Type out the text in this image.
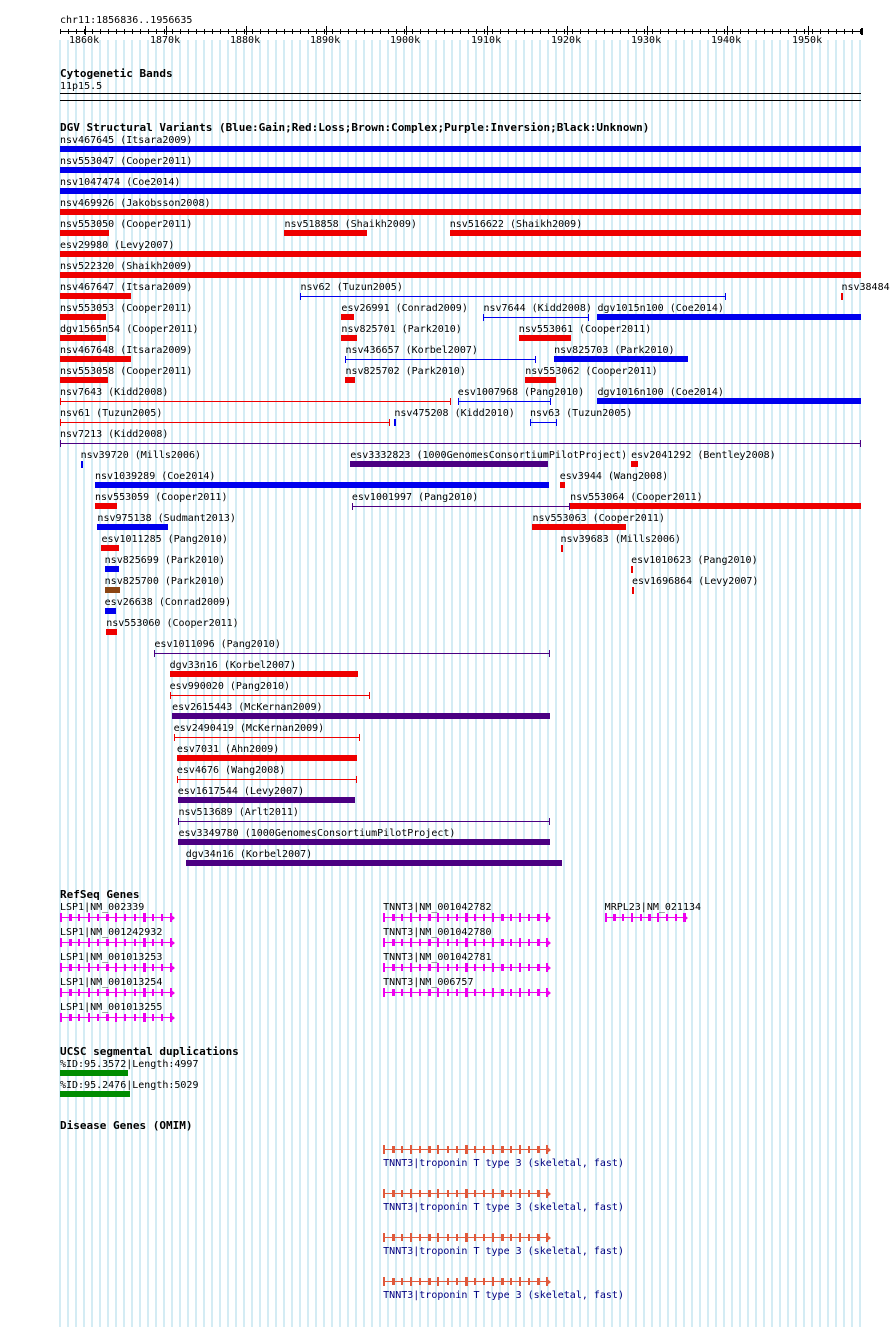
chr11:1856836..1956635
1860k	1870k	1880k	1890k	1900k	1910k	1920k	1930k	1940k	1950k
Cytogenetic Bands
11p15.5
DGV Structural Variants (Blue:Gain;Red:Loss;Brown:Complex;Purple:Inversion;Black:Unknown)
nsv467645 (Itsara2009)
nsv553047 (Cooper2011)
nsv1047474 (Coe2014)
nsv469926 (Jakobsson2008)
nsv553050 (Cooper2011)	nsv518858 (Shaikh2009)	nsv516622 (Shaikh2009)
esv29980 (Levy2007)
nsv522320 (Shaikh2009)
nsv467647 (Itsara2009)	nsv62 (Tuzun2005)	nsv38484
nsv553053 (Cooper2011)	esv26991 (Conrad2009) nsv7644 (Kidd2008) dgv1015n100 (Coe2014)
dgv1565n54 (Cooper2011)	nsv825701 (Park2010)	nsv553061 (Cooper2011)
nsv467648 (Itsara2009)	nsv436657 (Korbel2007)	nsv825703 (Park2010)
nsv553058 (Cooper2011)	nsv825702 (Park2010)	nsv553062 (Cooper2011)
nsv7643 (Kidd2008)	esv1007968 (Pang2010) dgv1016n100 (Coe2014)
nsv61 (Tuzun2005)	nsv475208 (Kidd2010) nsv63 (Tuzun2005)
nsv7213 (Kidd2008)
nsv39720 (Mills2006)	esv3332823 (1000GenomesConsortiumPilotProject) esv2041292 (Bentley2008)
nsv1039289 (Coe2014)	esv3944 (Wang2008)
nsv553059 (Cooper2011)	esv1001997 (Pang2010)	nsv553064 (Cooper2011)
nsv975138 (Sudmant2013)	nsv553063 (Cooper2011)
esv1011285 (Pang2010)	nsv39683 (Mills2006)
nsv825699 (Park2010)	esv1010623 (Pang2010)
nsv825700 (Park2010)	esv1696864 (Levy2007)
esv26638 (Conrad2009)
nsv553060 (Cooper2011)
esv1011096 (Pang2010)
dgv33n16 (Korbel2007)
esv990020 (Pang2010)
esv2615443 (McKernan2009)
esv2490419 (McKernan2009)
esv7031 (Ahn2009)
esv4676 (Wang2008)
esv1617544 (Levy2007)
nsv513689 (Arlt2011)
esv3349780 (1000GenomesConsortiumPilotProject)
dgv34n16 (Korbel2007)
RefSeq Genes
LSP1|NM_002339	TNNT3|NM_001042782	MRPL23|NM_021134
LSP1|NM_001242932	TNNT3|NM_001042780
LSP1|NM_001013253	TNNT3|NM_001042781
LSP1|NM_001013254	TNNT3|NM_006757
LSP1|NM_001013255
UCSC segmental duplications
%ID:95.3572|Length:4997
%ID:95.2476|Length:5029
Disease Genes (OMIM)
TNNT3|troponin T type 3 (skeletal, fast)
TNNT3|troponin T type 3 (skeletal, fast)
TNNT3|troponin T type 3 (skeletal, fast)
TNNT3|troponin T type 3 (skeletal, fast)
